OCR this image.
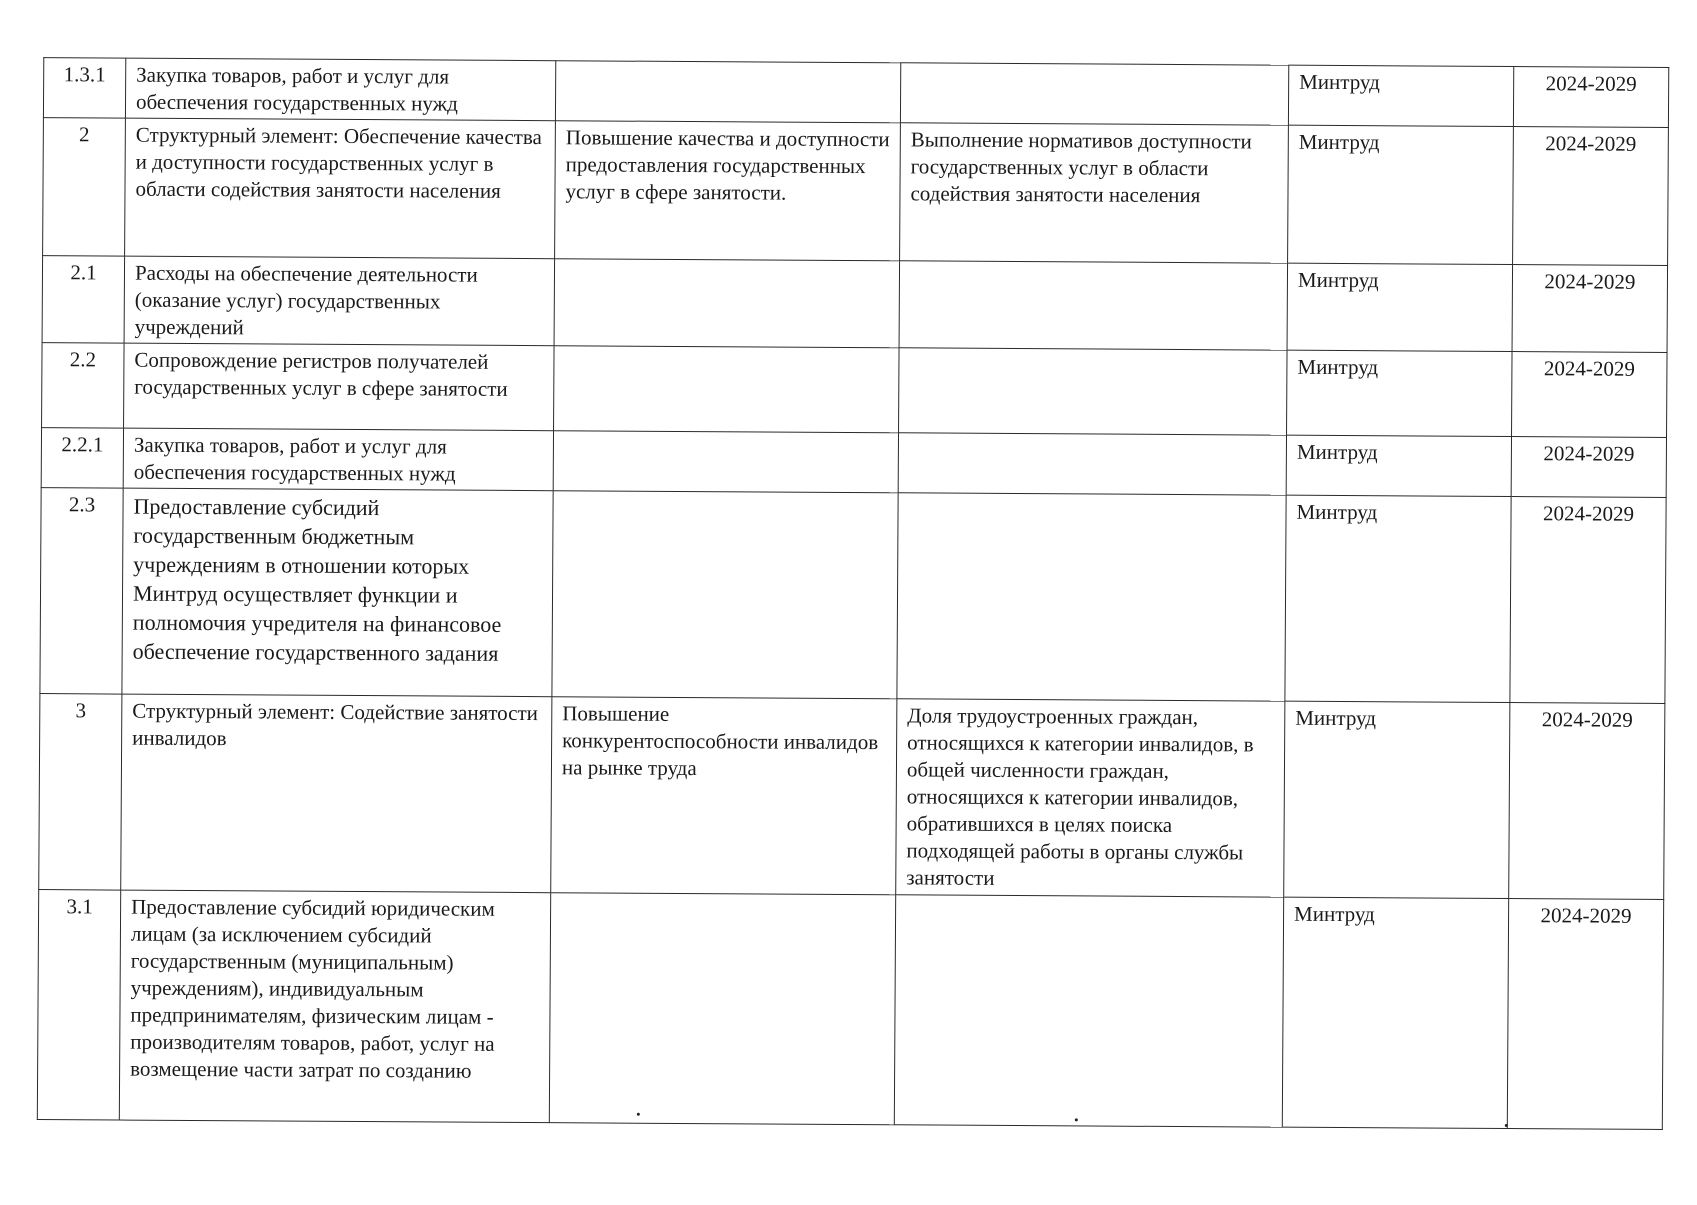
1.3.1	Закупка товаров, работ и услуг для обеспечения государственных нужд			Минтруд	2024-2029
2	Структурный элемент: Обеспечение качества и доступности государственных услуг в области содействия занятости населения	Повышение качества и доступности предоставления государственных услуг в сфере занятости.	Выполнение нормативов доступности государственных услуг в области содействия занятости населения	Минтруд	2024-2029
2.1	Расходы на обеспечение деятельности (оказание услуг) государственных учреждений			Минтруд	2024-2029
2.2	Сопровождение регистров получателей государственных услуг в сфере занятости			Минтруд	2024-2029
2.2.1	Закупка товаров, работ и услуг для обеспечения государственных нужд			Минтруд	2024-2029
2.3	Предоставление субсидий государственным бюджетным учреждениям в отношении которых Минтруд осуществляет функции и полномочия учредителя на финансовое обеспечение государственного задания			Минтруд	2024-2029
3	Структурный элемент: Содействие занятости инвалидов	Повышение конкурентоспособности инвалидов на рынке труда	Доля трудоустроенных граждан, относящихся к категории инвалидов, в общей численности граждан, относящихся к категории инвалидов, обратившихся в целях поиска подходящей работы в органы службы занятости	Минтруд	2024-2029
3.1	Предоставление субсидий юридическим лицам (за исключением субсидий государственным (муниципальным) учреждениям), индивидуальным предпринимателям, физическим лицам - производителям товаров, работ, услуг на возмещение части затрат по созданию			Минтруд	2024-2029
